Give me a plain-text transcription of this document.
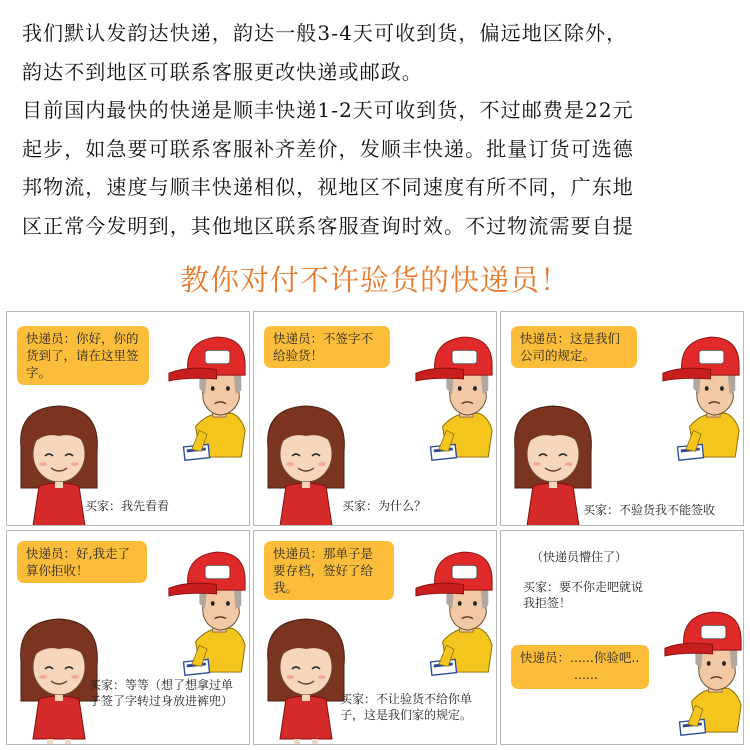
我们默认发韵达快递，韵达一般3-4天可收到货，偏远地区除外，

韵达不到地区可联系客服更改快递或邮政。

目前国内最快的快递是顺丰快递1-2天可收到货，不过邮费是22元

起步，如急要可联系客服补齐差价，发顺丰快递。批量订货可选德

邦物流，速度与顺丰快递相似，视地区不同速度有所不同，广东地

区正常今发明到，其他地区联系客服查询时效。不过物流需要自提

教你对付不许验货的快递员！
快递员：你好，你的货到了，请在这里签字。
买家：我先看看
快递员：不签字不给验货！
买家：为什么？
快递员：这是我们公司的规定。
买家：不验货我不能签收
快递员：好,我走了算你拒收！
买家：等等（想了想拿过单子签了字转过身放进裤兜）
快递员：那单子是要存档，签好了给我。
买家：不让验货不给你单子，这是我们家的规定。
（快递员懵住了）
买家：要不你走吧就说我拒签！
快递员：......你验吧..
......
